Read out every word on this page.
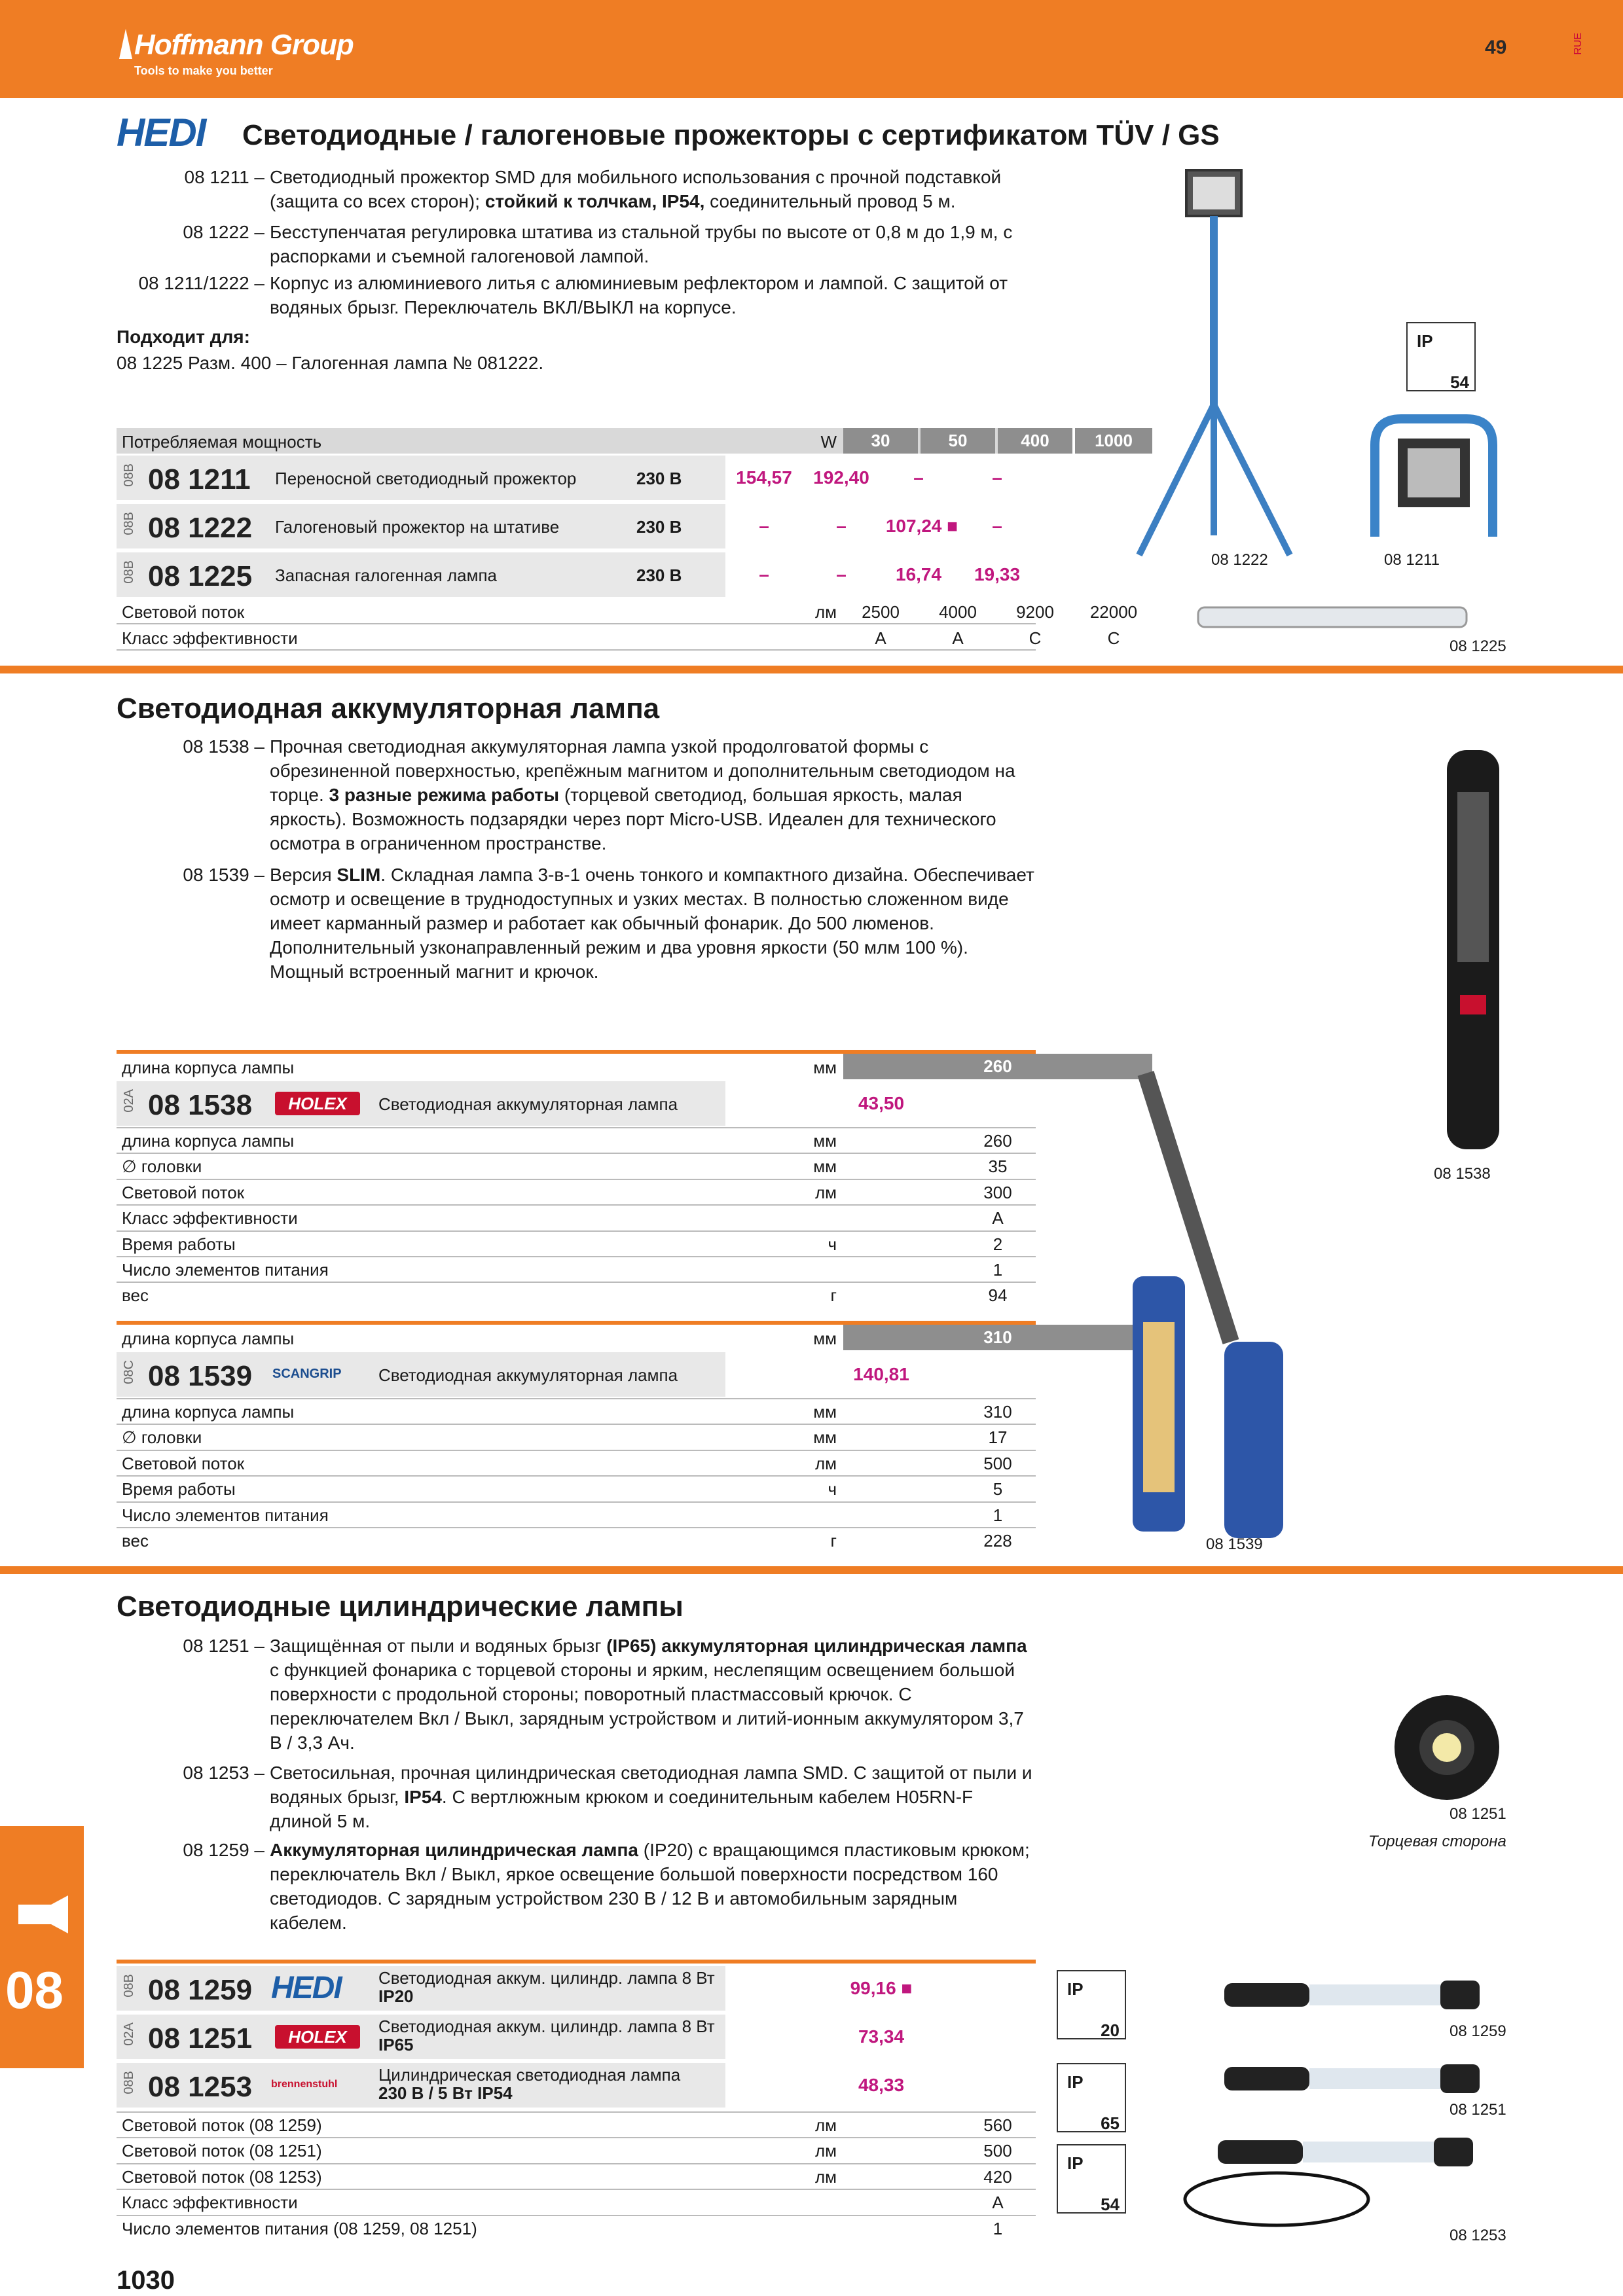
Hoffmann Group
Tools to make you better
49	RUE
HEDI Светодиодные / галогеновые прожекторы с сертификатом TÜV / GS
08 1211 – Светодиодный прожектор SMD для мобильного использования с прочной подставкой (защита со всех сторон); стойкий к толчкам, IP54, соединительный провод 5 м.
08 1222 – Бесступенчатая регулировка штатива из стальной трубы по высоте от 0,8 м до 1,9 м, с распорками и съемной галогеновой лампой.
08 1211/1222 – Корпус из алюминиевого литья с алюминиевым рефлектором и лампой. С защитой от водяных брызг. Переключатель ВКЛ/ВЫКЛ на корпусе.
Подходит для:
08 1225 Разм. 400 – Галогенная лампа № 081222.
Потребляемая мощность	W	30	50	400	1000
08B 08 1211 Переносной светодиодный прожектор	230 В	154,57	192,40	–	–
08B 08 1222 Галогеновый прожектор на штативе	230 В	–	–	107,24 ■	–
08B 08 1225 Запасная галогенная лампа	230 В	–	–	16,74	19,33
Световой поток	лм	2500	4000	9200	22000
Класс эффективности	A	A	C	C
IP
54
08 1222	08 1211
08 1225
Светодиодная аккумуляторная лампа
08 1538 – Прочная светодиодная аккумуляторная лампа узкой продолговатой формы с обрезиненной поверхностью, крепёжным магнитом и дополнительным светодиодом на торце. 3 разные режима работы (торцевой светодиод, большая яркость, малая яркость). Возможность подзарядки через порт Micro-USB. Идеален для технического осмотра в ограниченном пространстве.
08 1539 – Версия SLIM. Складная лампа 3-в-1 очень тонкого и компактного дизайна. Обеспечивает осмотр и освещение в труднодоступных и узких местах. В полностью сложенном виде имеет карманный размер и работает как обычный фонарик. До 500 люменов. Дополнительный узконаправленный режим и два уровня яркости (50 млм 100 %). Мощный встроенный магнит и крючок.
длина корпуса лампы	мм	260
02A 08 1538	HOLEX	Светодиодная аккумуляторная лампа	43,50
длина корпуса лампы	мм	260
∅ головки	мм	35
Световой поток	лм	300
Класс эффективности	A
Время работы	ч	2
Число элементов питания	1
вес	г	94
длина корпуса лампы	мм	310
08C 08 1539 SCANGRIP Светодиодная аккумуляторная лампа	140,81
длина корпуса лампы	мм	310
∅ головки	мм	17
Световой поток	лм	500
Время работы	ч	5
Число элементов питания	1
вес	г	228
08 1538
08 1539
Светодиодные цилиндрические лампы
08 1251 – Защищённая от пыли и водяных брызг (IP65) аккумуляторная цилиндрическая лампа с функцией фонарика с торцевой стороны и ярким, неслепящим освещением большой поверхности с продольной стороны; поворотный пластмассовый крючок. С переключателем Вкл / Выкл, зарядным устройством и литий-ионным аккумулятором 3,7 В / 3,3 Ач.
08 1253 – Светосильная, прочная цилиндрическая светодиодная лампа SMD. С защитой от пыли и водяных брызг, IP54. С вертлюжным крюком и соединительным кабелем H05RN-F длиной 5 м.
08 1259 – Аккумуляторная цилиндрическая лампа (IP20) с вращающимся пластиковым крюком; переключатель Вкл / Выкл, яркое освещение большой поверхности посредством 160 светодиодов. С зарядным устройством 230 В / 12 В и автомобильным зарядным кабелем.
08B 08 1259 HEDI Светодиодная аккум. цилиндр. лампа 8 Вт
IP20	99,16 ■
02A 08 1251	HOLEX
Светодиодная аккум. цилиндр. лампа 8 Вт
IP65	73,34
08B 08 1253 brennenstuhl Цилиндрическая светодиодная лампа
230 В / 5 Вт IP54	48,33
Световой поток (08 1259)	лм	560
Световой поток (08 1251)	лм	500
Световой поток (08 1253)	лм	420
Класс эффективности	A
Число элементов питания (08 1259, 08 1251)	1
08 1251
Торцевая сторона
IP
20
IP
65
IP
54
08 1259
08 1251
08 1253
08
1030
